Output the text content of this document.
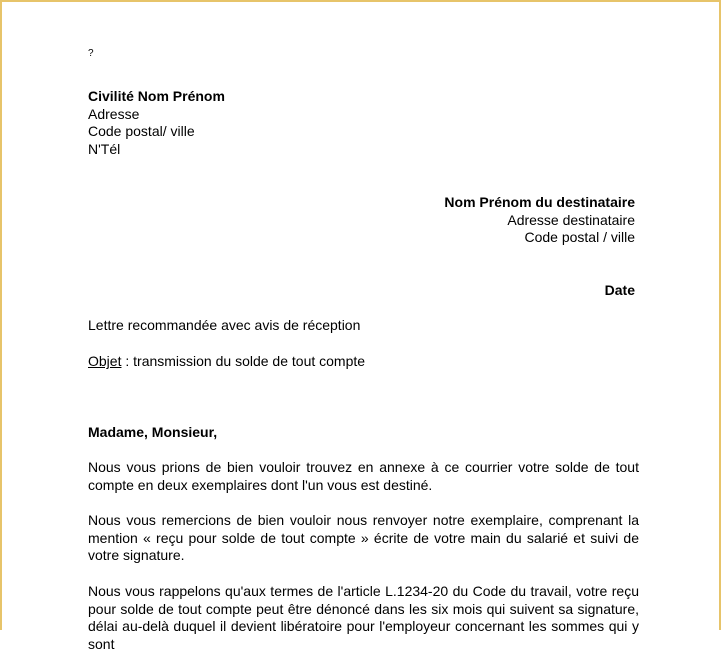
?
Civilité Nom Prénom
Adresse
Code postal/ ville
N'Tél
Nom Prénom du destinataire
Adresse destinataire
Code postal / ville
Date
Lettre recommandée avec avis de réception
Objet : transmission du solde de tout compte
Madame, Monsieur,
Nous vous prions de bien vouloir trouvez en annexe à ce courrier votre solde de tout compte en deux exemplaires dont l'un vous est destiné.
Nous vous remercions de bien vouloir nous renvoyer notre exemplaire, comprenant la mention « reçu pour solde de tout compte » écrite de votre main du salarié et suivi de votre signature.
Nous vous rappelons qu'aux termes de l'article L.1234-20 du Code du travail, votre reçu pour solde de tout compte peut être dénoncé dans les six mois qui suivent sa signature, délai au-delà duquel il devient libératoire pour l'employeur concernant les sommes qui y sont
